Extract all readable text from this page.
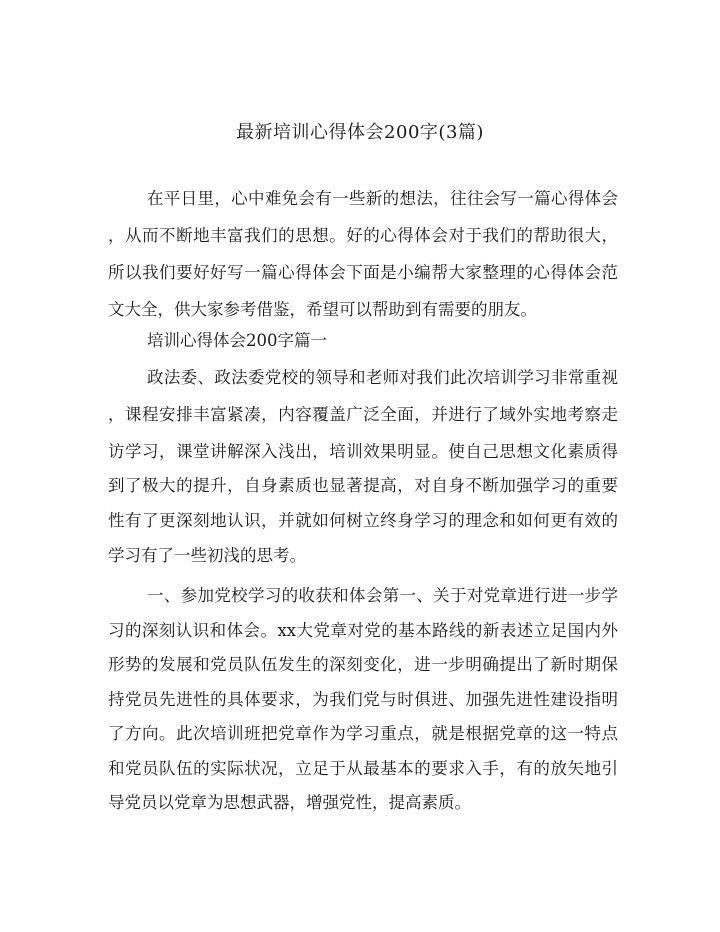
最新培训心得体会200字(3篇)

在平日里，心中难免会有一些新的想法，往往会写一篇心得体会

，从而不断地丰富我们的思想。好的心得体会对于我们的帮助很大，

所以我们要好好写一篇心得体会下面是小编帮大家整理的心得体会范

文大全，供大家参考借鉴，希望可以帮助到有需要的朋友。

培训心得体会200字篇一

政法委、政法委党校的领导和老师对我们此次培训学习非常重视

，课程安排丰富紧凑，内容覆盖广泛全面，并进行了域外实地考察走

访学习，课堂讲解深入浅出，培训效果明显。使自己思想文化素质得

到了极大的提升，自身素质也显著提高，对自身不断加强学习的重要

性有了更深刻地认识，并就如何树立终身学习的理念和如何更有效的

学习有了一些初浅的思考。

一、参加党校学习的收获和体会第一、关于对党章进行进一步学

习的深刻认识和体会。xx大党章对党的基本路线的新表述立足国内外

形势的发展和党员队伍发生的深刻变化，进一步明确提出了新时期保

持党员先进性的具体要求，为我们党与时俱进、加强先进性建设指明

了方向。此次培训班把党章作为学习重点，就是根据党章的这一特点

和党员队伍的实际状况，立足于从最基本的要求入手，有的放矢地引

导党员以党章为思想武器，增强党性，提高素质。
